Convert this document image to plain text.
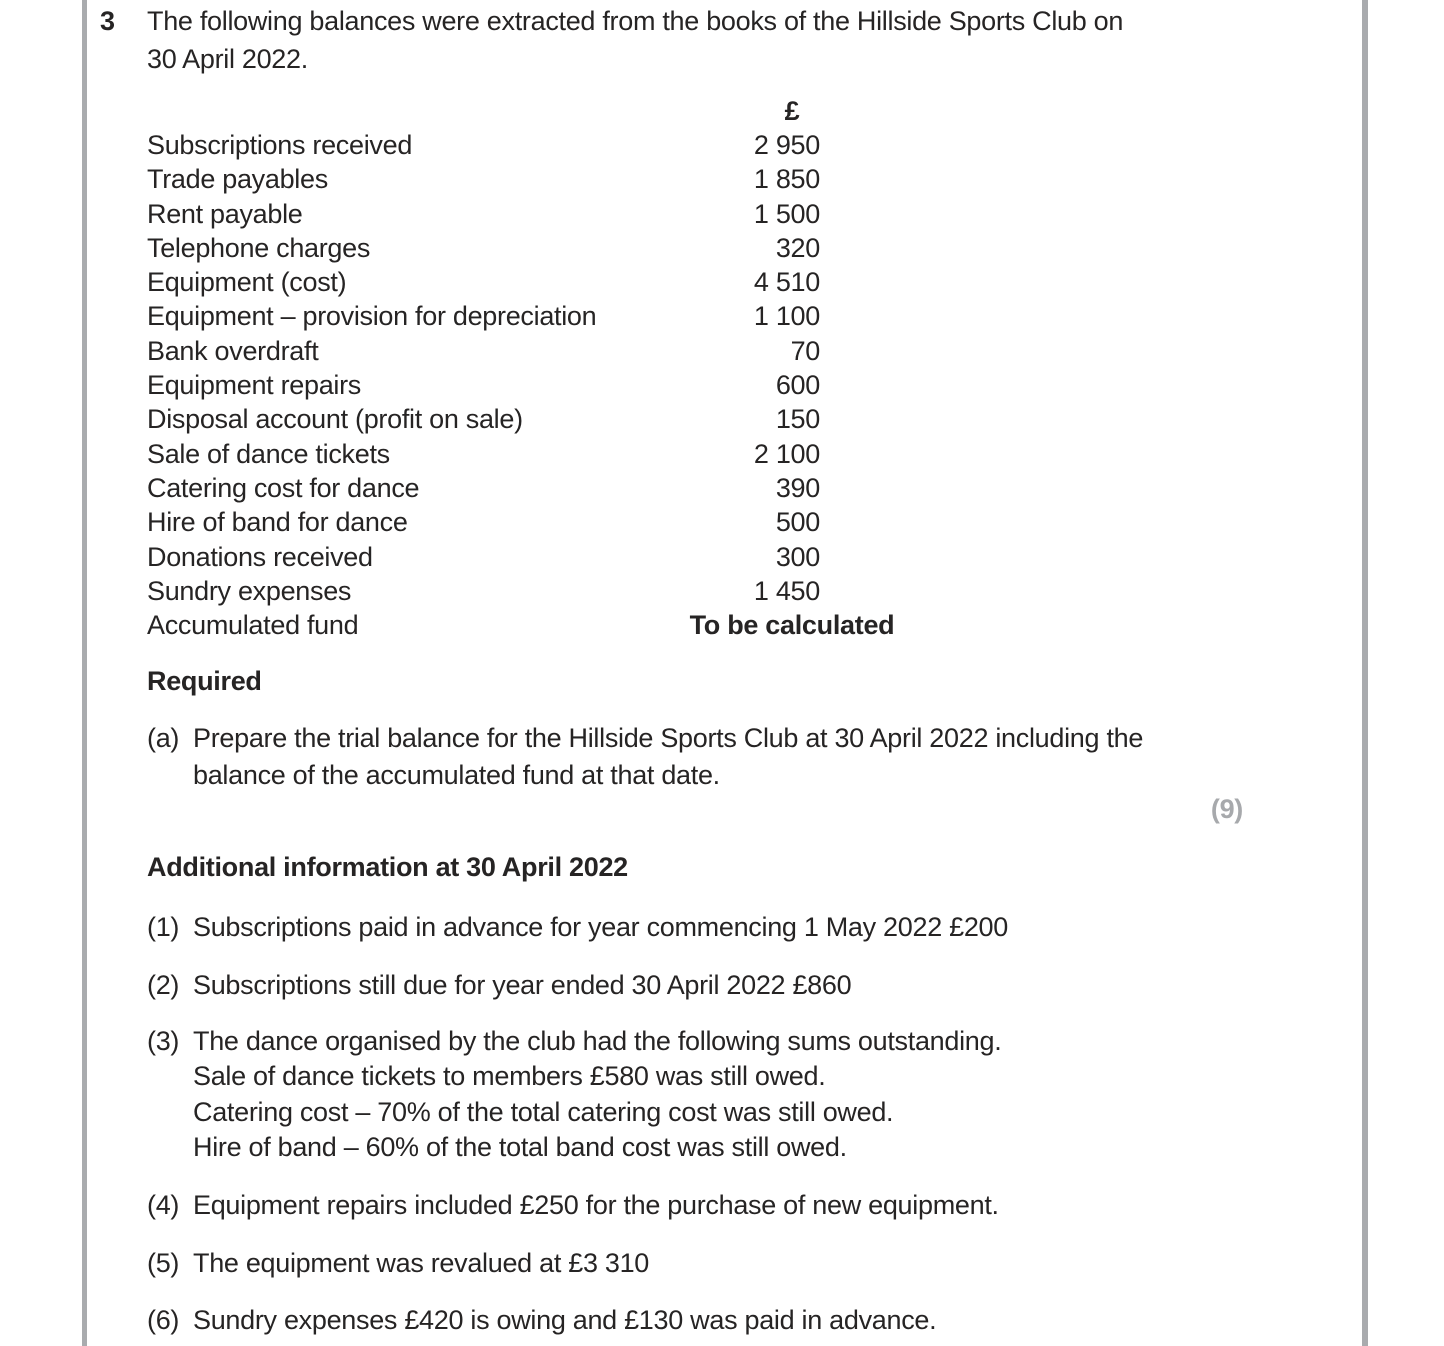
3 The following balances were extracted from the books of the Hillside Sports Club on
30 April 2022.
£
Subscriptions received	2 950
Trade payables	1 850
Rent payable	1 500
Telephone charges	320
Equipment (cost)	4 510
Equipment – provision for depreciation	1 100
Bank overdraft	70
Equipment repairs	600
Disposal account (profit on sale)	150
Sale of dance tickets	2 100
Catering cost for dance	390
Hire of band for dance	500
Donations received	300
Sundry expenses	1 450
Accumulated fund	To be calculated
Required
(a) Prepare the trial balance for the Hillside Sports Club at 30 April 2022 including the
balance of the accumulated fund at that date.
(9)
Additional information at 30 April 2022
(1) Subscriptions paid in advance for year commencing 1 May 2022 £200
(2) Subscriptions still due for year ended 30 April 2022 £860
(3) The dance organised by the club had the following sums outstanding.
Sale of dance tickets to members £580 was still owed.
Catering cost – 70% of the total catering cost was still owed.
Hire of band – 60% of the total band cost was still owed.
(4) Equipment repairs included £250 for the purchase of new equipment.
(5) The equipment was revalued at £3 310
(6) Sundry expenses £420 is owing and £130 was paid in advance.
